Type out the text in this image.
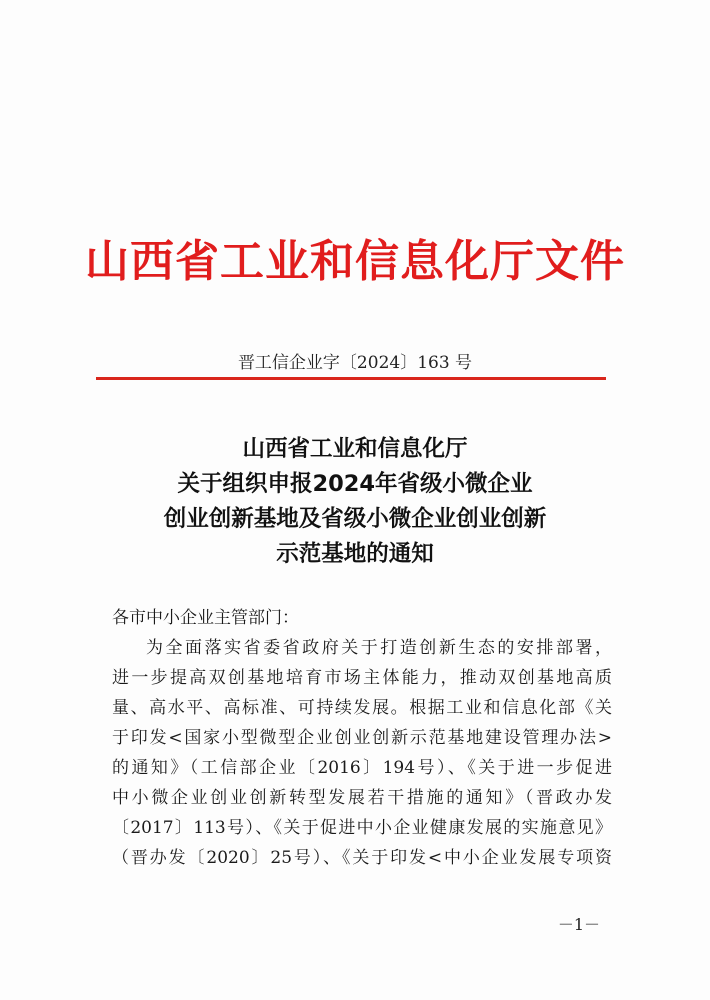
山西省工业和信息化厅文件
晋工信企业字〔2024〕163 号
山西省工业和信息化厅
关于组织申报2024年省级小微企业
创业创新基地及省级小微企业创业创新
示范基地的通知
各市中小企业主管部门：
为全面落实省委省政府关于打造创新生态的安排部署，
进一步提高双创基地培育市场主体能力，推动双创基地高质
量、高水平、高标准、可持续发展。根据工业和信息化部《关
于印发<国家小型微型企业创业创新示范基地建设管理办法>
的通知》（工信部企业〔2016〕194号）、《关于进一步促进
中小微企业创业创新转型发展若干措施的通知》（晋政办发
〔2017〕113号）、《关于促进中小企业健康发展的实施意见》
（晋办发〔2020〕25号）、《关于印发<中小企业发展专项资
－1－
